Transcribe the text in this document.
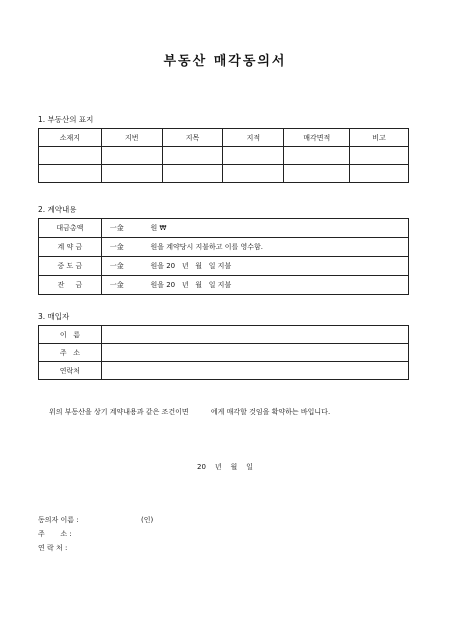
부동산 매각동의서
1. 부동산의 표지
소재지	지번	지목	지적	매각면적	비고

2. 계약내용
대금총액	一金            원 ₩
계 약 금	一金            원을 계약당시 지불하고 이를 영수함.
중 도 금	一金            원을 20   년   월   일 지불
잔     금	一金            원을 20   년   월   일 지불
3. 매입자
이   름	
주   소	
연락처	
위의 부동산을 상기 계약내용과 같은 조건이면          에게 매각할 것임을 확약하는 바입니다.
20    년    월    일
동의자 이름 :	(인)
주       소 :
연 락 처 :
